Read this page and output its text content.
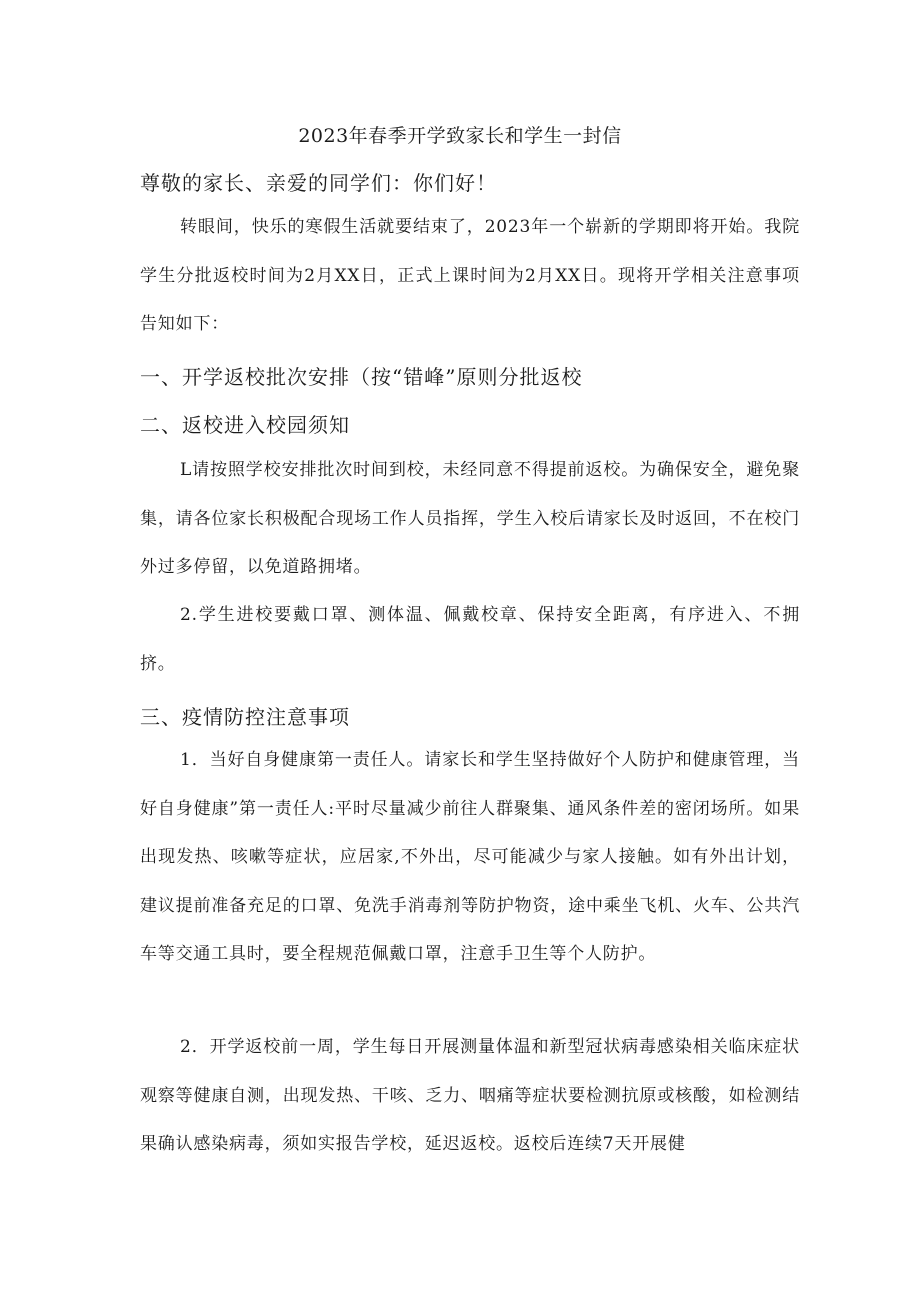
2023年春季开学致家长和学生一封信
尊敬的家长、亲爱的同学们：你们好！

转眼间，快乐的寒假生活就要结束了，2023年一个崭新的学期即将开始。我院学生分批返校时间为2月XX日，正式上课时间为2月XX日。现将开学相关注意事项告知如下：

一、开学返校批次安排（按“错峰”原则分批返校
二、返校进入校园须知

L请按照学校安排批次时间到校，未经同意不得提前返校。为确保安全，避免聚集，请各位家长积极配合现场工作人员指挥，学生入校后请家长及时返回，不在校门外过多停留，以免道路拥堵。

2.学生进校要戴口罩、测体温、佩戴校章、保持安全距离，有序进入、不拥挤。

三、疫情防控注意事项

1．当好自身健康第一责任人。请家长和学生坚持做好个人防护和健康管理，当好自身健康”第一责任人:平时尽量减少前往人群聚集、通风条件差的密闭场所。如果出现发热、咳嗽等症状，应居家,不外出，尽可能减少与家人接触。如有外出计划，建议提前准备充足的口罩、免洗手消毒剂等防护物资，途中乘坐飞机、火车、公共汽车等交通工具时，要全程规范佩戴口罩，注意手卫生等个人防护。

2．开学返校前一周，学生每日开展测量体温和新型冠状病毒感染相关临床症状观察等健康自测，出现发热、干咳、乏力、咽痛等症状要检测抗原或核酸，如检测结果确认感染病毒，须如实报告学校，延迟返校。返校后连续7天开展健
